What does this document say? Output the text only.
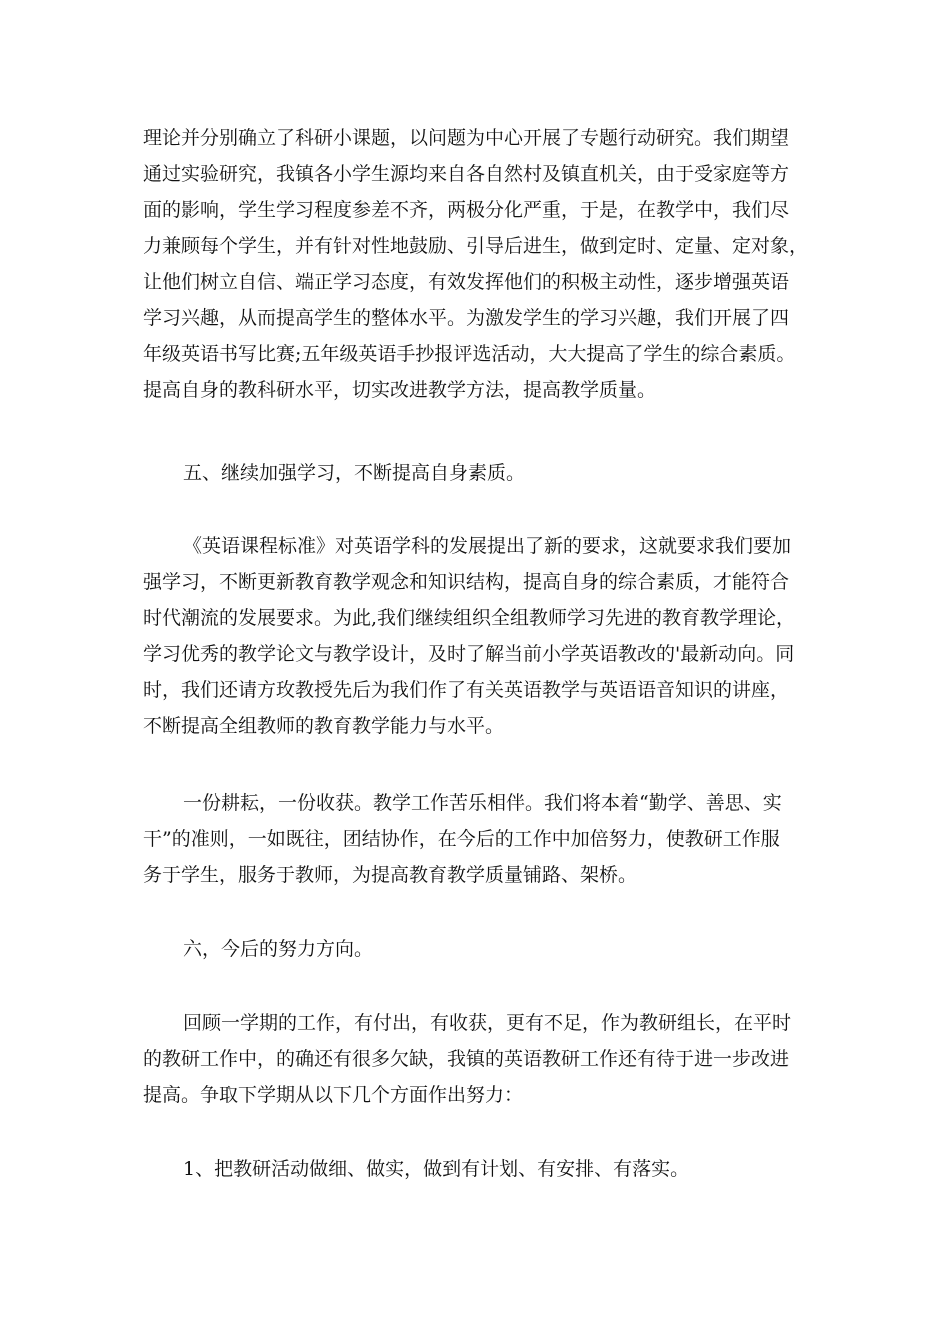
理论并分别确立了科研小课题，以问题为中心开展了专题行动研究。我们期望
通过实验研究，我镇各小学生源均来自各自然村及镇直机关，由于受家庭等方
面的影响，学生学习程度参差不齐，两极分化严重，于是，在教学中，我们尽
力兼顾每个学生，并有针对性地鼓励、引导后进生，做到定时、定量、定对象，
让他们树立自信、端正学习态度，有效发挥他们的积极主动性，逐步增强英语
学习兴趣，从而提高学生的整体水平。为激发学生的学习兴趣，我们开展了四
年级英语书写比赛;五年级英语手抄报评选活动，大大提高了学生的综合素质。
提高自身的教科研水平，切实改进教学方法，提高教学质量。
五、继续加强学习，不断提高自身素质。
《英语课程标准》对英语学科的发展提出了新的要求，这就要求我们要加
强学习，不断更新教育教学观念和知识结构，提高自身的综合素质，才能符合
时代潮流的发展要求。为此,我们继续组织全组教师学习先进的教育教学理论，
学习优秀的教学论文与教学设计，及时了解当前小学英语教改的'最新动向。同
时，我们还请方玫教授先后为我们作了有关英语教学与英语语音知识的讲座，
不断提高全组教师的教育教学能力与水平。
一份耕耘，一份收获。教学工作苦乐相伴。我们将本着“勤学、善思、实
干”的准则，一如既往，团结协作，在今后的工作中加倍努力，使教研工作服
务于学生，服务于教师，为提高教育教学质量铺路、架桥。
六，今后的努力方向。
回顾一学期的工作，有付出，有收获，更有不足，作为教研组长，在平时
的教研工作中，的确还有很多欠缺，我镇的英语教研工作还有待于进一步改进
提高。争取下学期从以下几个方面作出努力：
1、把教研活动做细、做实，做到有计划、有安排、有落实。
